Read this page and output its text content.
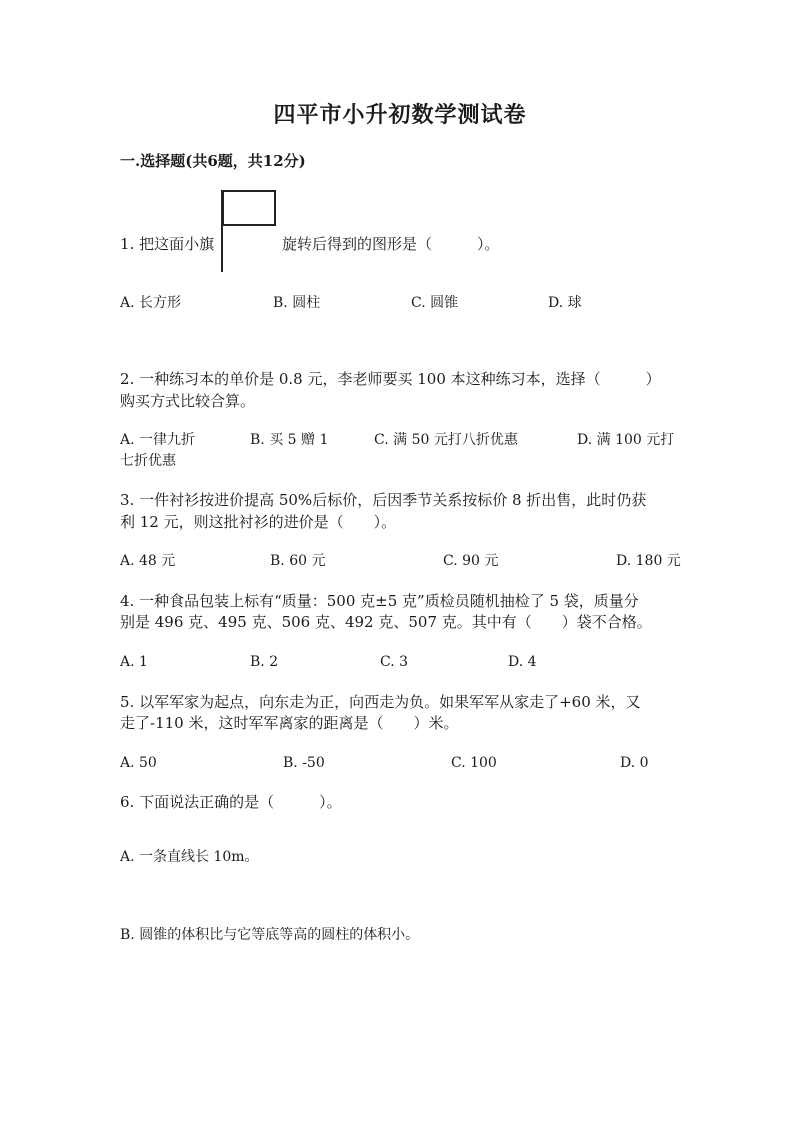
四平市小升初数学测试卷
一.选择题(共6题，共12分)
1. 把这面小旗	旋转后得到的图形是（　　　）。
A. 长方形	B. 圆柱	C. 圆锥	D. 球
2. 一种练习本的单价是 0.8 元，李老师要买 100 本这种练习本，选择（　　　）
购买方式比较合算。
A. 一律九折	B. 买 5 赠 1	C. 满 50 元打八折优惠	D. 满 100 元打
七折优惠
3. 一件衬衫按进价提高 50%后标价，后因季节关系按标价 8 折出售，此时仍获
利 12 元，则这批衬衫的进价是（　　）。
A. 48 元	B. 60 元	C. 90 元	D. 180 元
4. 一种食品包装上标有“质量：500 克±5 克”质检员随机抽检了 5 袋，质量分
别是 496 克、495 克、506 克、492 克、507 克。其中有（　　）袋不合格。
A. 1	B. 2	C. 3	D. 4
5. 以军军家为起点，向东走为正，向西走为负。如果军军从家走了+60 米，又
走了-110 米，这时军军离家的距离是（　　）米。
A. 50	B. -50	C. 100	D. 0
6. 下面说法正确的是（　　　）。
A. 一条直线长 10m。
B. 圆锥的体积比与它等底等高的圆柱的体积小。
